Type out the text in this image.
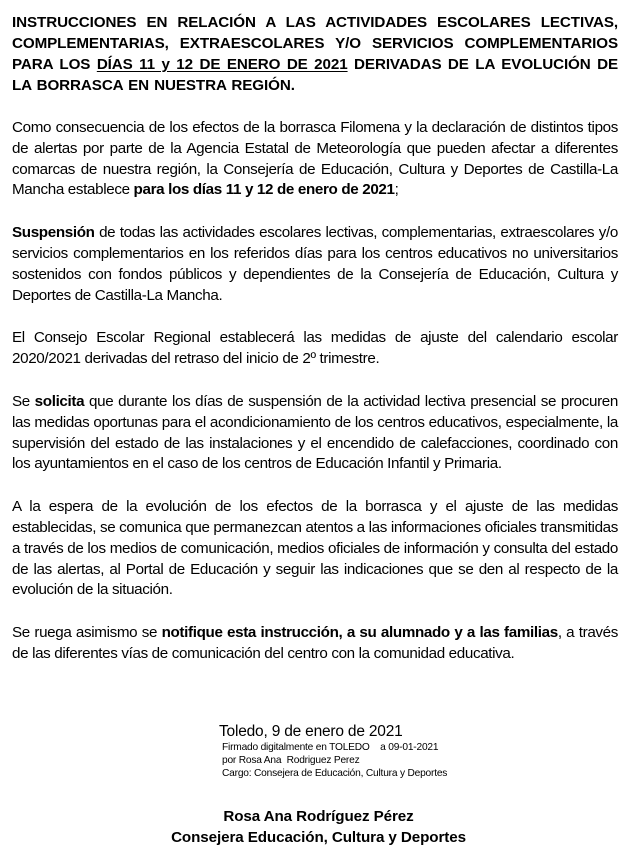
INSTRUCCIONES EN RELACIÓN A LAS ACTIVIDADES ESCOLARES LECTIVAS, COMPLEMENTARIAS, EXTRAESCOLARES Y/O SERVICIOS COMPLEMENTARIOS PARA LOS DÍAS 11 y 12 DE ENERO DE 2021 DERIVADAS DE LA EVOLUCIÓN DE LA BORRASCA EN NUESTRA REGIÓN.

Como consecuencia de los efectos de la borrasca Filomena y la declaración de distintos tipos de alertas por parte de la Agencia Estatal de Meteorología que pueden afectar a diferentes comarcas de nuestra región, la Consejería de Educación, Cultura y Deportes de Castilla-La Mancha establece para los días 11 y 12 de enero de 2021;

Suspensión de todas las actividades escolares lectivas, complementarias, extraescolares y/o servicios complementarios en los referidos días para los centros educativos no universitarios sostenidos con fondos públicos y dependientes de la Consejería de Educación, Cultura y Deportes de Castilla-La Mancha.

El Consejo Escolar Regional establecerá las medidas de ajuste del calendario escolar 2020/2021 derivadas del retraso del inicio de 2º trimestre.

Se solicita que durante los días de suspensión de la actividad lectiva presencial se procuren las medidas oportunas para el acondicionamiento de los centros educativos, especialmente, la supervisión del estado de las instalaciones y el encendido de calefacciones, coordinado con los ayuntamientos en el caso de los centros de Educación Infantil y Primaria.

A la espera de la evolución de los efectos de la borrasca y el ajuste de las medidas establecidas, se comunica que permanezcan atentos a las informaciones oficiales transmitidas a través de los medios de comunicación, medios oficiales de información y consulta del estado de las alertas, al Portal de Educación y seguir las indicaciones que se den al respecto de la evolución de la situación.

Se ruega asimismo se notifique esta instrucción, a su alumnado y a las familias, a través de las diferentes vías de comunicación del centro con la comunidad educativa.

Toledo, 9 de enero de 2021

Firmado digitalmente en TOLEDO    a 09-01-2021

por Rosa Ana  Rodriguez Perez

Cargo: Consejera de Educación, Cultura y Deportes

Rosa Ana Rodríguez Pérez
Consejera Educación, Cultura y Deportes
